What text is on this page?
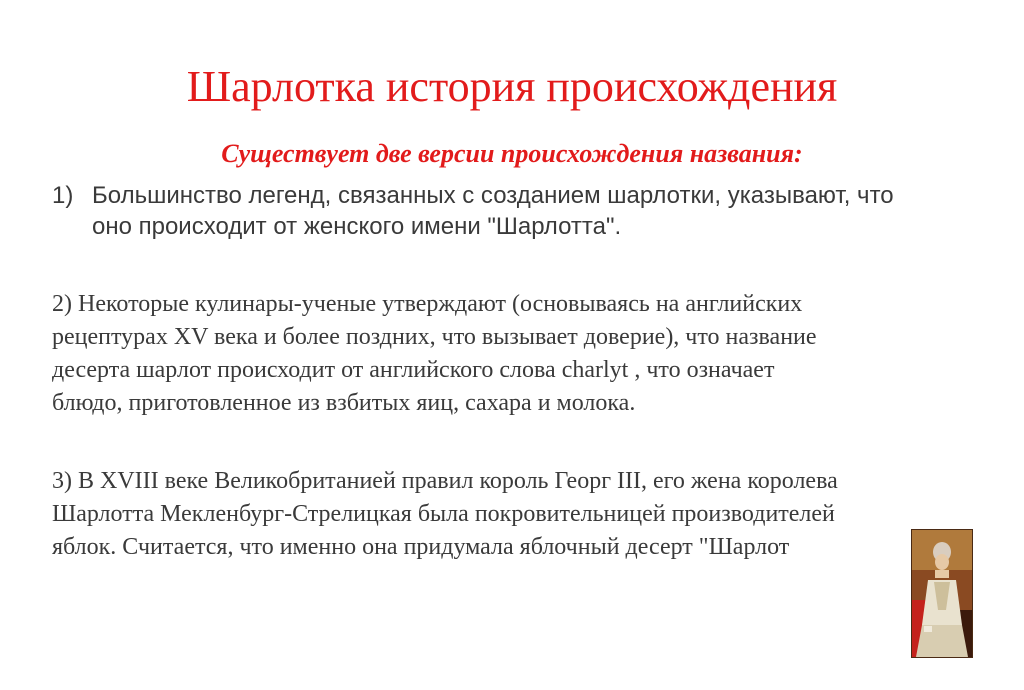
Шарлотка история происхождения
Существует две версии происхождения названия:
1) Большинство легенд, связанных с созданием шарлотки, указывают, что
оно происходит от женского имени "Шарлотта".
2) Некоторые кулинары-ученые утверждают (основываясь на английских
рецептурах XV века и более поздних, что вызывает доверие), что название
десерта шарлот происходит от английского слова charlyt , что означает
блюдо, приготовленное из взбитых яиц, сахара и молока.
3) В XVIII веке Великобританией правил король Георг III, его жена королева
Шарлотта Мекленбург-Стрелицкая была покровительницей производителей
яблок. Считается, что именно она придумала яблочный десерт "Шарлот
